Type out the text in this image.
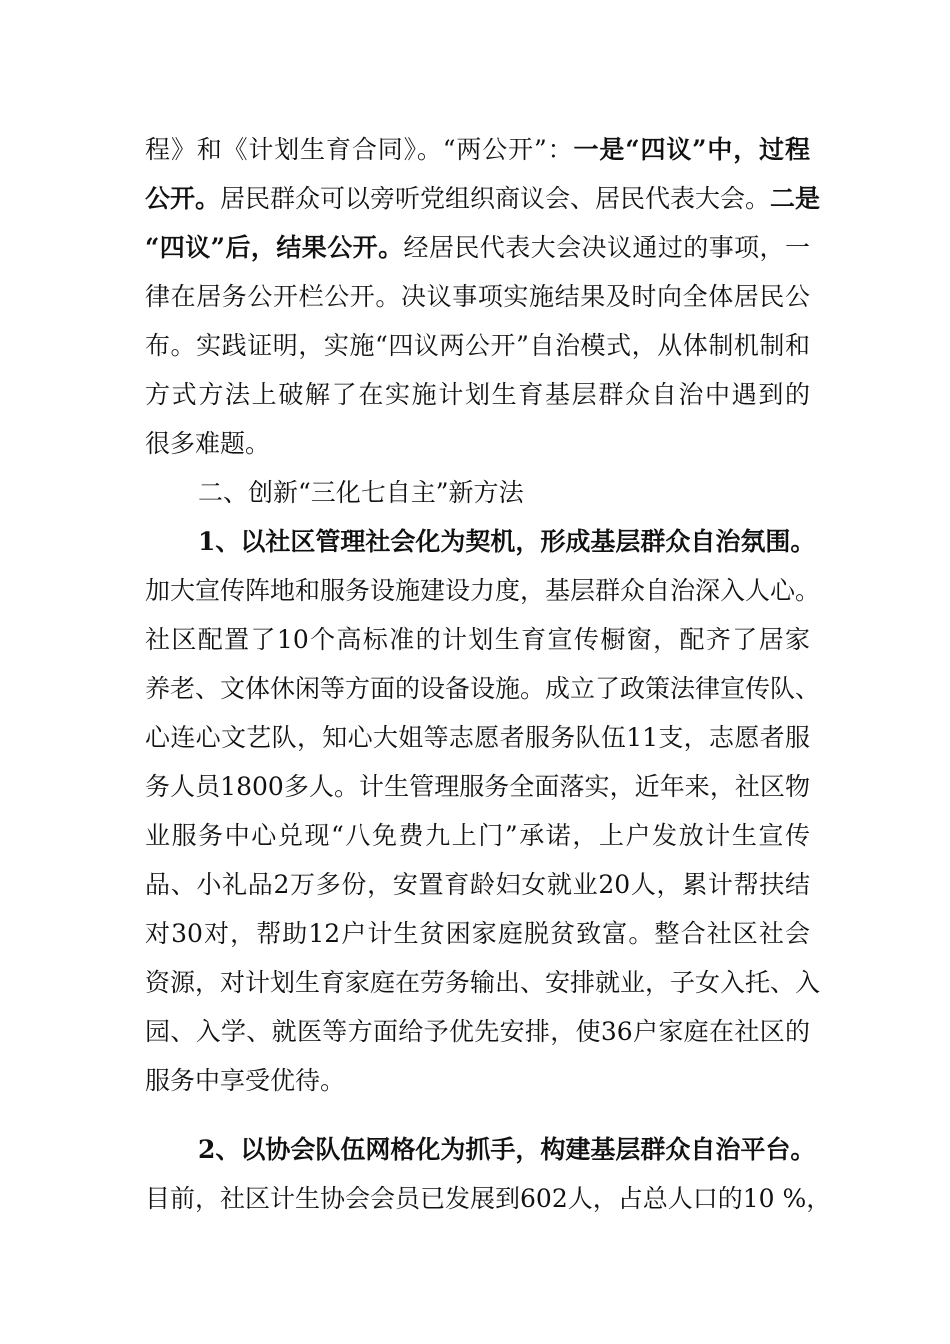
程》和《计划生育合同》。“两公开”：一是“四议”中，过程
公开。居民群众可以旁听党组织商议会、居民代表大会。二是
“四议”后，结果公开。经居民代表大会决议通过的事项，一
律在居务公开栏公开。决议事项实施结果及时向全体居民公
布。实践证明，实施“四议两公开”自治模式，从体制机制和
方式方法上破解了在实施计划生育基层群众自治中遇到的
很多难题。
二、创新“三化七自主”新方法
1、以社区管理社会化为契机，形成基层群众自治氛围。
加大宣传阵地和服务设施建设力度，基层群众自治深入人心。
社区配置了10个高标准的计划生育宣传橱窗，配齐了居家
养老、文体休闲等方面的设备设施。成立了政策法律宣传队、
心连心文艺队，知心大姐等志愿者服务队伍11支，志愿者服
务人员1800多人。计生管理服务全面落实，近年来，社区物
业服务中心兑现“八免费九上门”承诺，上户发放计生宣传
品、小礼品2万多份，安置育龄妇女就业20人，累计帮扶结
对30对，帮助12户计生贫困家庭脱贫致富。整合社区社会
资源，对计划生育家庭在劳务输出、安排就业，子女入托、入
园、入学、就医等方面给予优先安排，使36户家庭在社区的
服务中享受优待。
2、以协会队伍网格化为抓手，构建基层群众自治平台。
目前，社区计生协会会员已发展到602人，占总人口的10 %，
